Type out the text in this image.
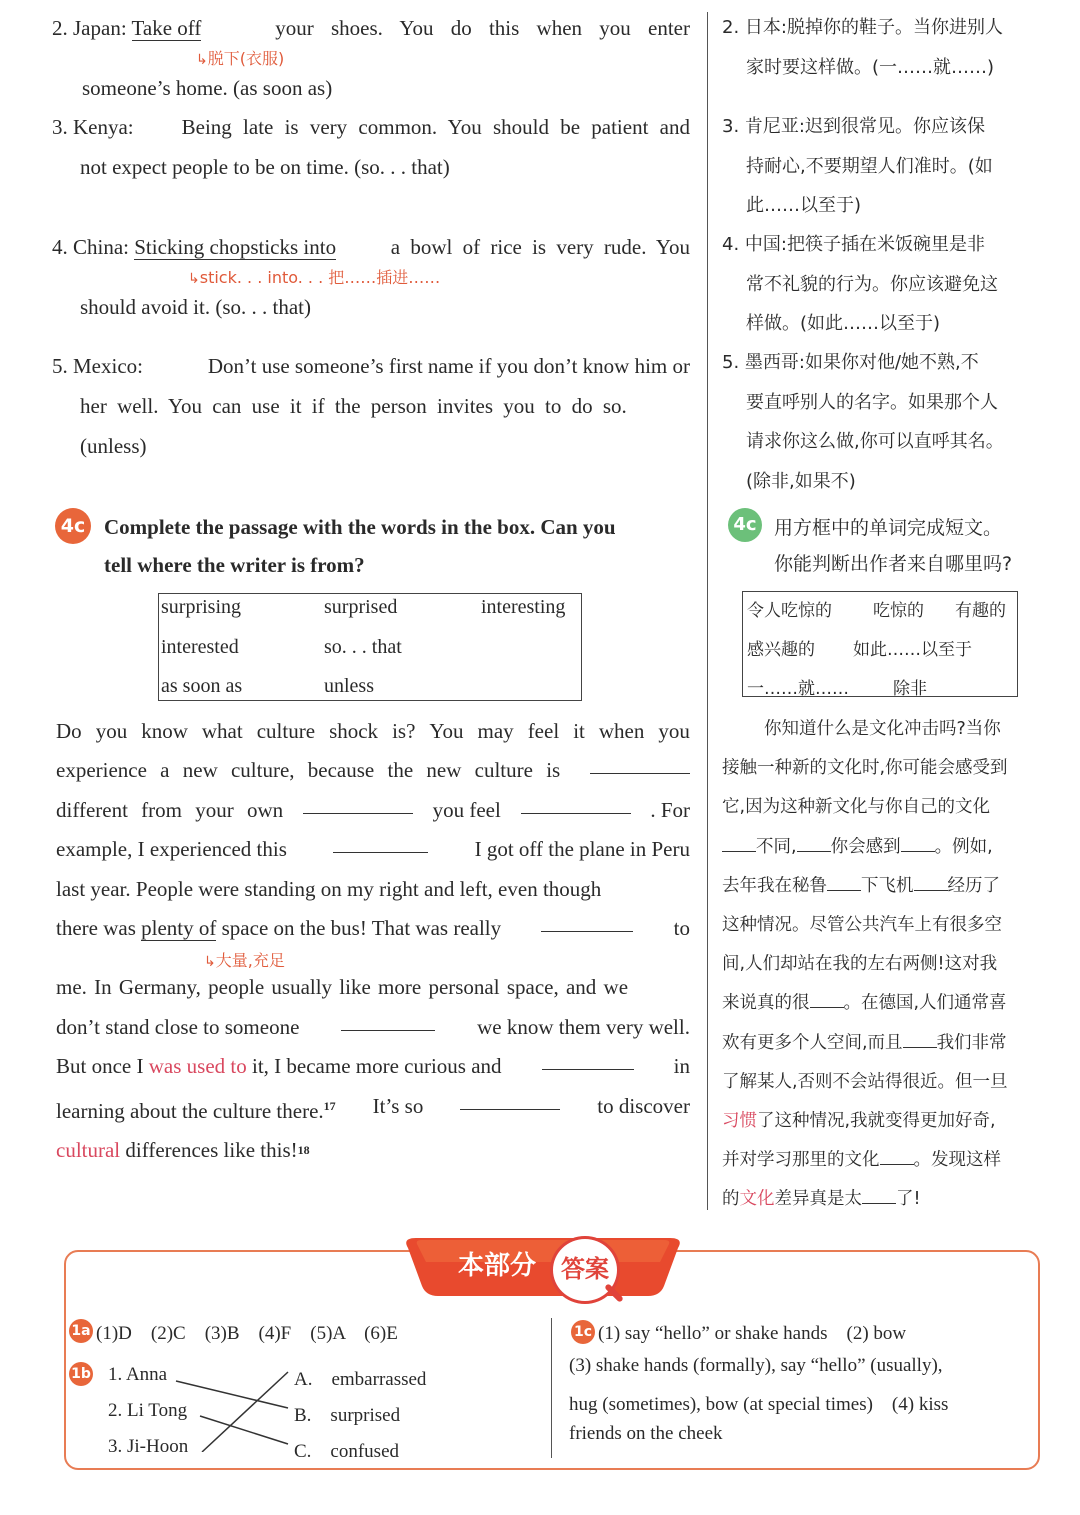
2. Japan: Take off	your shoes. You do this when you enter
↳脱下(衣服)
someone’s home. (as soon as)
3. Kenya: Being late is very common. You should be patient and
not expect people to be on time. (so. . . that)
4. China: Sticking chopsticks into	a bowl of rice is very rude. You
↳stick. . . into. . . 把……插进……
should avoid it. (so. . . that)
5. Mexico:	Don’t use someone’s first name if you don’t know him or
her well. You can use it if the person invites you to do so.
(unless)
4c Complete the passage with the words in the box. Can you
tell where the writer is from?
surprising	surprised	interesting
interested	so. . . that
as soon as	unless
Do you know what culture shock is? You may feel it when you
experience a new culture, because the new culture is
different from your own	you feel	. For
example, I experienced this	I got off the plane in Peru
last year. People were standing on my right and left, even though
there was plenty of space on the bus! That was really	to
me. In Germany, people usually like more personal space, and we
don’t stand close to someone	we know them very well.
But once I was used to it, I became more curious and	in
learning about the culture there.$^{17}$ It’s so	to discover
cultural
differences like this! 18
↳大量,充足
2. 日本:脱掉你的鞋子。当你进别人
家时要这样做。(一……就……)
3. 肯尼亚:迟到很常见。你应该保
持耐心,不要期望人们准时。(如
此……以至于)
4. 中国:把筷子插在米饭碗里是非
常不礼貌的行为。你应该避免这
样做。(如此……以至于)
5. 墨西哥:如果你对他/她不熟,不
要直呼别人的名字。如果那个人
请求你这么做,你可以直呼其名。
(除非,如果不)
4c 用方框中的单词完成短文。
你能判断出作者来自哪里吗?
令人吃惊的 吃惊的 有趣的
感兴趣的 如此……以至于
一……就……	除非
你知道什么是文化冲击吗?当你
接触一种新的文化时,你可能会感受到
它,因为这种新文化与你自己的文化
不同, 你会感到 。例如,
去年我在秘鲁 下飞机 经历了
这种情况。尽管公共汽车上有很多空
间,人们却站在我的左右两侧!这对我
来说真的很 。在德国,人们通常喜
欢有更多个人空间,而且 我们非常
了解某人,否则不会站得很近。但一旦
习惯了这种情况,我就变得更加好奇,
并对学习那里的文化 。发现这样
的文化差异真是太 了!
本部分	答案
1a (1)D　(2)C　(3)B　(4)F　(5)A　(6)E
1b 1. Anna
2. Li Tong
3. Ji-Hoon
A.　embarrassed
B.　surprised
C.　confused
1c (1) say “hello” or shake hands　(2) bow
(3) shake hands (formally), say “hello” (usually),
hug (sometimes), bow (at special times)　(4) kiss
friends on the cheek
